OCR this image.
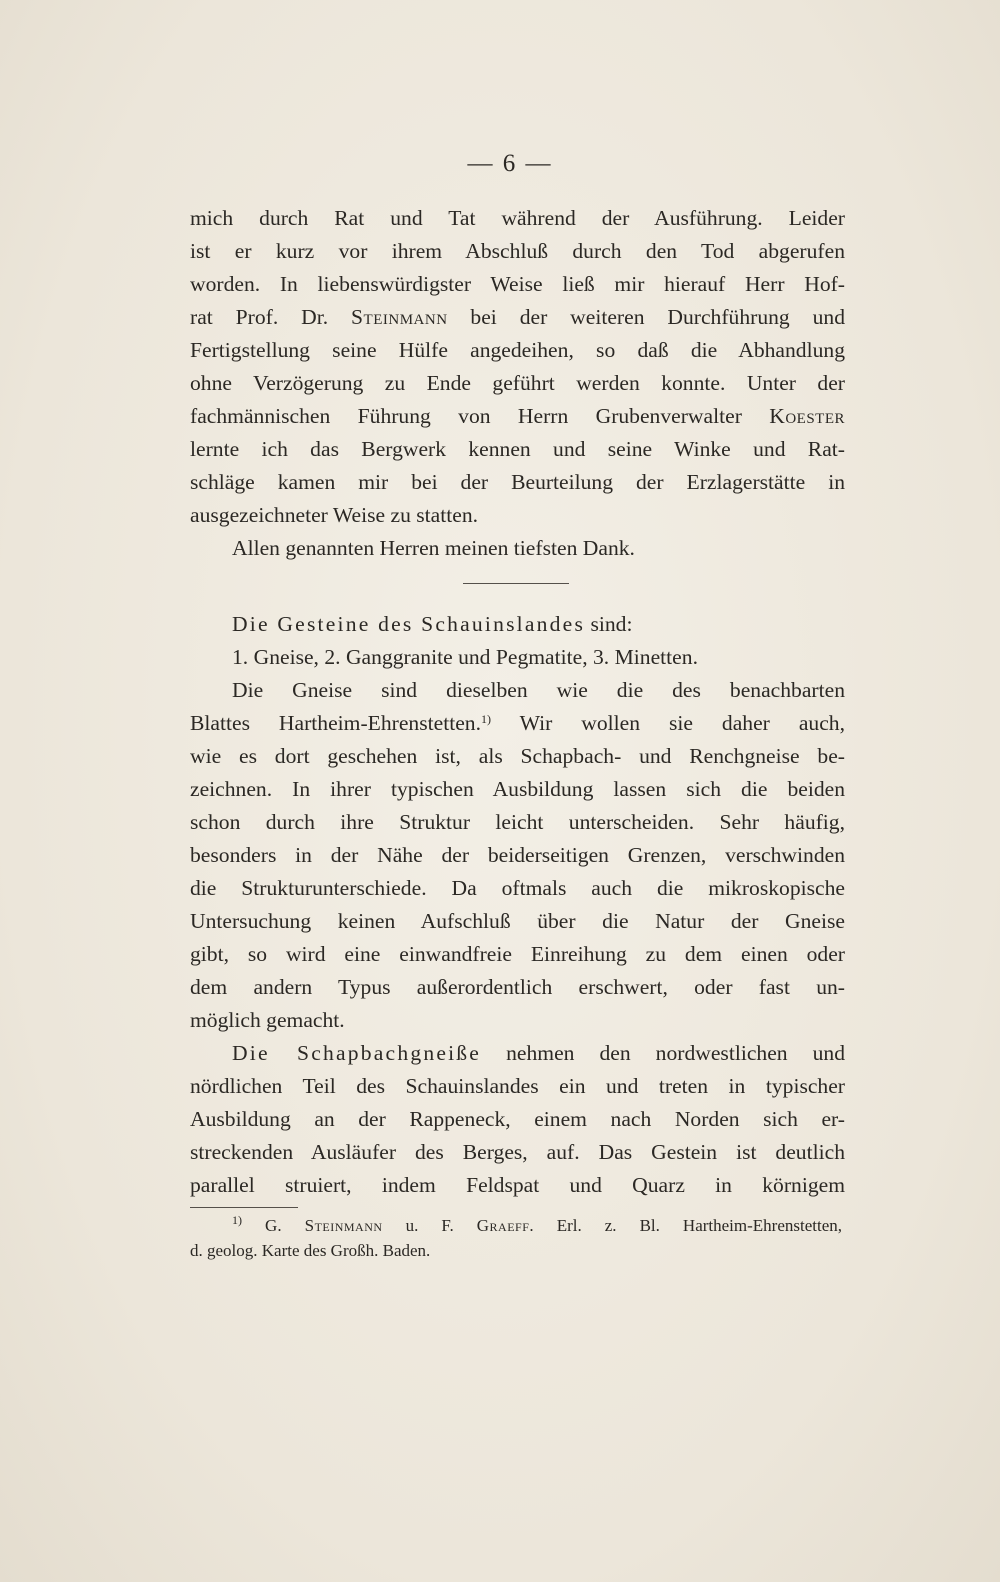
— 6 —
mich durch Rat und Tat während der Ausführung. Leider
ist er kurz vor ihrem Abschluß durch den Tod abgerufen
worden. In liebenswürdigster Weise ließ mir hierauf Herr Hof-
rat Prof. Dr. Steinmann bei der weiteren Durchführung und
Fertigstellung seine Hülfe angedeihen, so daß die Abhandlung
ohne Verzögerung zu Ende geführt werden konnte. Unter der
fachmännischen Führung von Herrn Grubenverwalter Koester
lernte ich das Bergwerk kennen und seine Winke und Rat-
schläge kamen mir bei der Beurteilung der Erzlagerstätte in
ausgezeichneter Weise zu statten.
Allen genannten Herren meinen tiefsten Dank.
Die Gesteine des Schauinslandes sind:
1. Gneise, 2. Ganggranite und Pegmatite, 3. Minetten.
Die Gneise sind dieselben wie die des benachbarten
Blattes Hartheim-Ehrenstetten.$^{1)}$ Wir wollen sie daher auch,
wie es dort geschehen ist, als Schapbach- und Renchgneise be-
zeichnen. In ihrer typischen Ausbildung lassen sich die beiden
schon durch ihre Struktur leicht unterscheiden. Sehr häufig,
besonders in der Nähe der beiderseitigen Grenzen, verschwinden
die Strukturunterschiede. Da oftmals auch die mikroskopische
Untersuchung keinen Aufschluß über die Natur der Gneise
gibt, so wird eine einwandfreie Einreihung zu dem einen oder
dem andern Typus außerordentlich erschwert, oder fast un-
möglich gemacht.
Die Schapbachgneiße nehmen den nordwestlichen und
nördlichen Teil des Schauinslandes ein und treten in typischer
Ausbildung an der Rappeneck, einem nach Norden sich er-
streckenden Ausläufer des Berges, auf. Das Gestein ist deutlich
parallel struiert, indem Feldspat und Quarz in körnigem
$^{1)}$ G. Steinmann u. F. Graeff. Erl. z. Bl. Hartheim-Ehrenstetten,
d. geolog. Karte des Großh. Baden.
